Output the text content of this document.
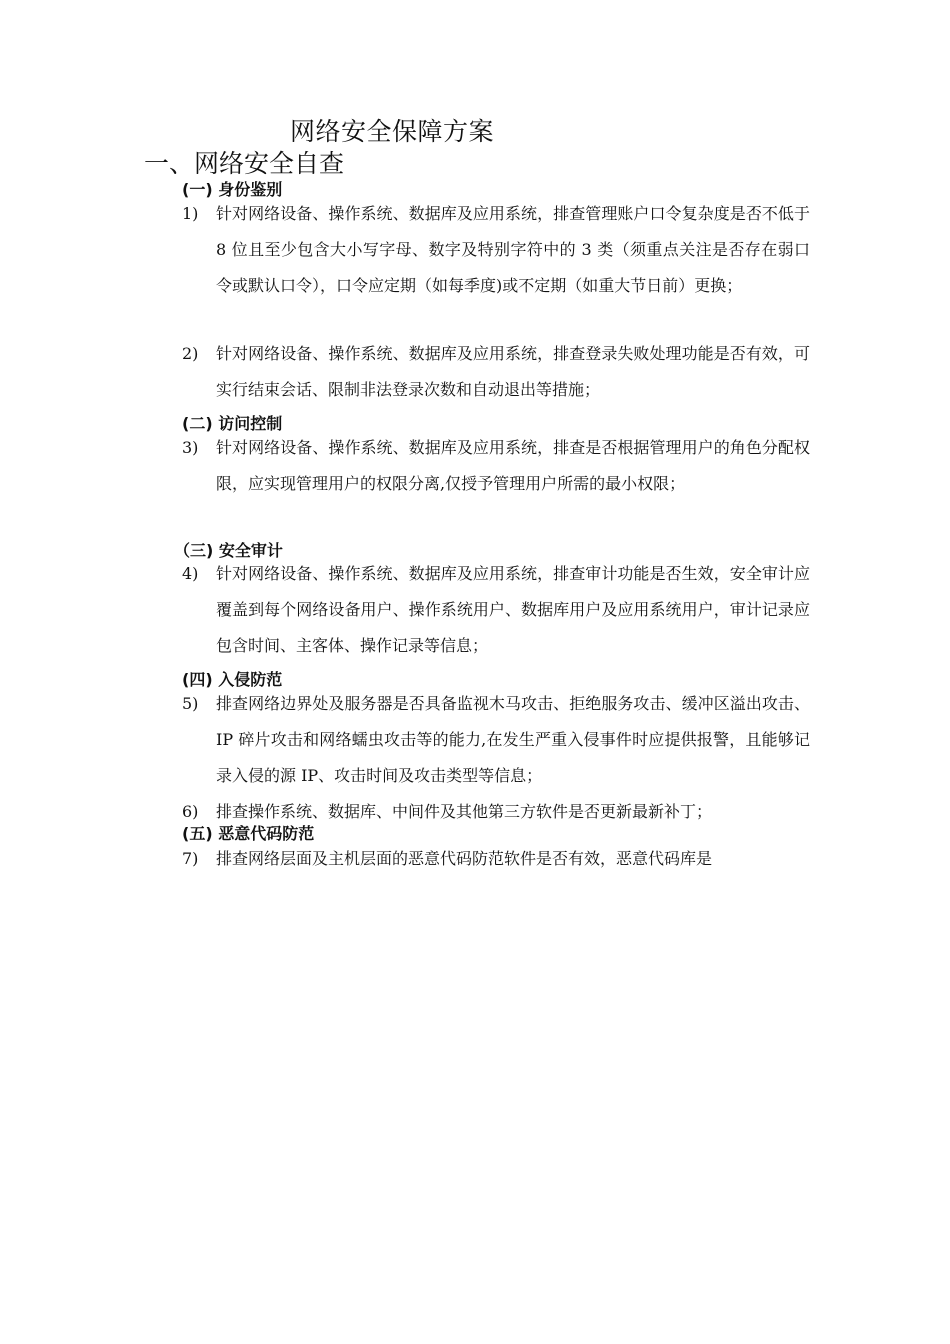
网络安全保障方案
一、网络安全自查
(一) 身份鉴别
1)	针对网络设备、操作系统、数据库及应用系统，排查管理账户口令复杂度是否不低于 8 位且至少包含大小写字母、数字及特别字符中的 3 类（须重点关注是否存在弱口令或默认口令），口令应定期（如每季度)或不定期（如重大节日前）更换；
2)	针对网络设备、操作系统、数据库及应用系统，排查登录失败处理功能是否有效，可实行结束会话、限制非法登录次数和自动退出等措施；
(二) 访问控制
3)	针对网络设备、操作系统、数据库及应用系统，排查是否根据管理用户的角色分配权限，应实现管理用户的权限分离,仅授予管理用户所需的最小权限；
（三) 安全审计
4)	针对网络设备、操作系统、数据库及应用系统，排查审计功能是否生效，安全审计应覆盖到每个网络设备用户、操作系统用户、数据库用户及应用系统用户，审计记录应包含时间、主客体、操作记录等信息；
(四) 入侵防范
5)	排查网络边界处及服务器是否具备监视木马攻击、拒绝服务攻击、缓冲区溢出攻击、IP 碎片攻击和网络蠕虫攻击等的能力,在发生严重入侵事件时应提供报警，且能够记录入侵的源 IP、攻击时间及攻击类型等信息；
6)	排查操作系统、数据库、中间件及其他第三方软件是否更新最新补丁；
(五) 恶意代码防范
7)	排查网络层面及主机层面的恶意代码防范软件是否有效，恶意代码库是
